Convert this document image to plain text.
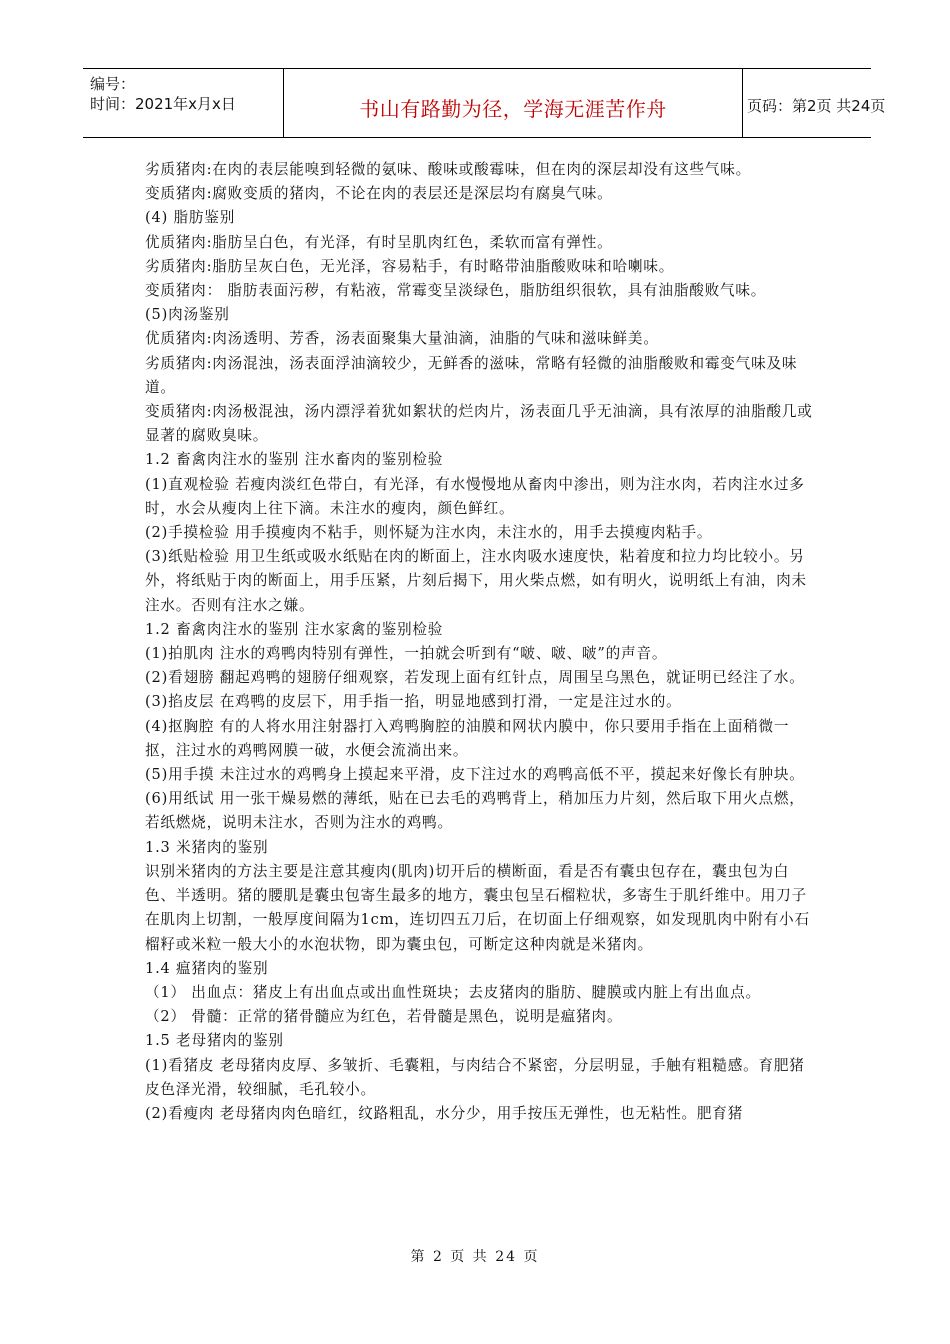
编号：
时间：2021年x月x日	书山有路勤为径，学海无涯苦作舟	页码：第2页 共24页
劣质猪肉:在肉的表层能嗅到轻微的氨味、酸味或酸霉味，但在肉的深层却没有这些气味。
变质猪肉:腐败变质的猪肉，不论在肉的表层还是深层均有腐臭气味。
(4) 脂肪鉴别
优质猪肉:脂肪呈白色，有光泽，有时呈肌肉红色，柔软而富有弹性。
劣质猪肉:脂肪呈灰白色，无光泽，容易粘手，有时略带油脂酸败味和哈喇味。
变质猪肉： 脂肪表面污秽，有粘液，常霉变呈淡绿色，脂肪组织很软，具有油脂酸败气味。
(5)肉汤鉴别
优质猪肉:肉汤透明、芳香，汤表面聚集大量油滴，油脂的气味和滋味鲜美。
劣质猪肉:肉汤混浊，汤表面浮油滴较少，无鲜香的滋味，常略有轻微的油脂酸败和霉变气味及味道。
变质猪肉:肉汤极混浊，汤内漂浮着犹如絮状的烂肉片，汤表面几乎无油滴，具有浓厚的油脂酸几或显著的腐败臭味。
1.2 畜禽肉注水的鉴别 注水畜肉的鉴别检验
(1)直观检验 若瘦肉淡红色带白，有光泽，有水慢慢地从畜肉中渗出，则为注水肉，若肉注水过多时，水会从瘦肉上往下滴。未注水的瘦肉，颜色鲜红。
(2)手摸检验 用手摸瘦肉不粘手，则怀疑为注水肉，未注水的，用手去摸瘦肉粘手。
(3)纸贴检验 用卫生纸或吸水纸贴在肉的断面上，注水肉吸水速度快，粘着度和拉力均比较小。另外，将纸贴于肉的断面上，用手压紧，片刻后揭下，用火柴点燃，如有明火，说明纸上有油，肉未注水。否则有注水之嫌。
1.2 畜禽肉注水的鉴别 注水家禽的鉴别检验
(1)拍肌肉 注水的鸡鸭肉特别有弹性，一拍就会听到有“啵、啵、啵”的声音。
(2)看翅膀 翻起鸡鸭的翅膀仔细观察，若发现上面有红针点，周围呈乌黑色，就证明已经注了水。
(3)掐皮层 在鸡鸭的皮层下，用手指一掐，明显地感到打滑，一定是注过水的。
(4)抠胸腔 有的人将水用注射器打入鸡鸭胸腔的油膜和网状内膜中，你只要用手指在上面稍微一抠，注过水的鸡鸭网膜一破，水便会流淌出来。
(5)用手摸 未注过水的鸡鸭身上摸起来平滑，皮下注过水的鸡鸭高低不平，摸起来好像长有肿块。
(6)用纸试 用一张干燥易燃的薄纸，贴在已去毛的鸡鸭背上，稍加压力片刻，然后取下用火点燃，若纸燃烧，说明未注水，否则为注水的鸡鸭。
1.3 米猪肉的鉴别
识别米猪肉的方法主要是注意其瘦肉(肌肉)切开后的横断面，看是否有囊虫包存在，囊虫包为白色、半透明。猪的腰肌是囊虫包寄生最多的地方，囊虫包呈石榴粒状，多寄生于肌纤维中。用刀子在肌肉上切割，一般厚度间隔为1cm，连切四五刀后，在切面上仔细观察，如发现肌肉中附有小石榴籽或米粒一般大小的水泡状物，即为囊虫包，可断定这种肉就是米猪肉。
1.4 瘟猪肉的鉴别
（1） 出血点：猪皮上有出血点或出血性斑块；去皮猪肉的脂肪、腱膜或内脏上有出血点。
（2） 骨髓：正常的猪骨髓应为红色，若骨髓是黑色，说明是瘟猪肉。
1.5 老母猪肉的鉴别
(1)看猪皮 老母猪肉皮厚、多皱折、毛囊粗，与肉结合不紧密，分层明显，手触有粗糙感。育肥猪皮色泽光滑，较细腻，毛孔较小。
(2)看瘦肉 老母猪肉肉色暗红，纹路粗乱，水分少，用手按压无弹性，也无粘性。肥育猪
第 2 页 共 24 页
